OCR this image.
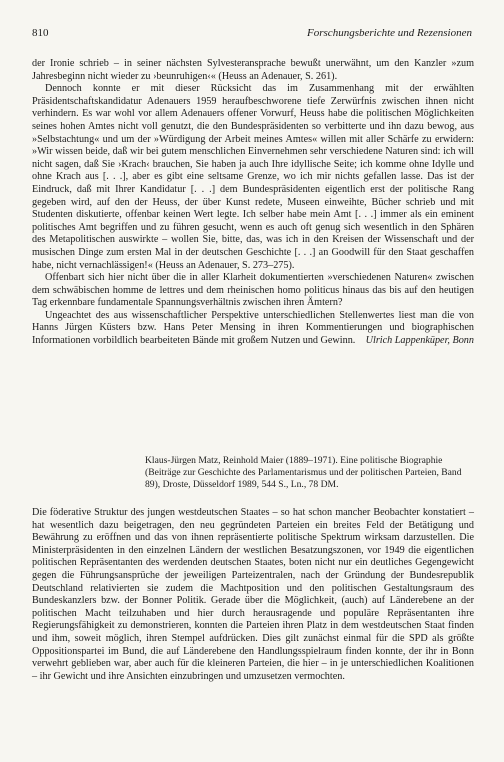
810	Forschungsberichte und Rezensionen

der Ironie schrieb – in seiner nächsten Sylvesteransprache bewußt unerwähnt, um den Kanzler »zum Jahresbeginn nicht wieder zu ›beunruhigen‹« (Heuss an Adenauer, S. 261).

Dennoch konnte er mit dieser Rücksicht das im Zusammenhang mit der erwählten Präsidentschaftskandidatur Adenauers 1959 heraufbeschworene tiefe Zerwürfnis zwischen ihnen nicht verhindern. Es war wohl vor allem Adenauers offener Vorwurf, Heuss habe die politischen Möglichkeiten seines hohen Amtes nicht voll genutzt, die den Bundespräsidenten so verbitterte und ihn dazu bewog, aus »Selbstachtung« und um der »Würdigung der Arbeit meines Amtes« willen mit aller Schärfe zu erwidern: »Wir wissen beide, daß wir bei gutem menschlichen Einvernehmen sehr verschiedene Naturen sind: ich will nicht sagen, daß Sie ›Krach‹ brauchen, Sie haben ja auch Ihre idyllische Seite; ich komme ohne Idylle und ohne Krach aus [. . .], aber es gibt eine seltsame Grenze, wo ich mir nichts gefallen lasse. Das ist der Eindruck, daß mit Ihrer Kandidatur [. . .] dem Bundespräsidenten eigentlich erst der politische Rang gegeben wird, auf den der Heuss, der über Kunst redete, Museen einweihte, Bücher schrieb und mit Studenten diskutierte, offenbar keinen Wert legte. Ich selber habe mein Amt [. . .] immer als ein eminent politisches Amt begriffen und zu führen gesucht, wenn es auch oft genug sich wesentlich in den Sphären des Metapolitischen auswirkte – wollen Sie, bitte, das, was ich in den Kreisen der Wissenschaft und der musischen Dinge zum ersten Mal in der deutschen Geschichte [. . .] an Goodwill für den Staat geschaffen habe, nicht vernachlässigen!« (Heuss an Adenauer, S. 273–275).

Offenbart sich hier nicht über die in aller Klarheit dokumentierten »verschiedenen Naturen« zwischen dem schwäbischen homme de lettres und dem rheinischen homo politicus hinaus das bis auf den heutigen Tag erkennbare fundamentale Spannungsverhältnis zwischen ihren Ämtern?

Ungeachtet des aus wissenschaftlicher Perspektive unterschiedlichen Stellenwertes liest man die von Hanns Jürgen Küsters bzw. Hans Peter Mensing in ihren Kommentierungen und biographischen Informationen vorbildlich bearbeiteten Bände mit großem Nutzen und Gewinn.	Ulrich Lappenküper, Bonn

Klaus-Jürgen Matz, Reinhold Maier (1889–1971). Eine politische Biographie (Beiträge zur Geschichte des Parlamentarismus und der politischen Parteien, Band 89), Droste, Düsseldorf 1989, 544 S., Ln., 78 DM.

Die föderative Struktur des jungen westdeutschen Staates – so hat schon mancher Beobachter konstatiert – hat wesentlich dazu beigetragen, den neu gegründeten Parteien ein breites Feld der Betätigung und Bewährung zu eröffnen und das von ihnen repräsentierte politische Spektrum wirksam darzustellen. Die Ministerpräsidenten in den einzelnen Ländern der westlichen Besatzungszonen, vor 1949 die eigentlichen politischen Repräsentanten des werdenden deutschen Staates, boten nicht nur ein deutliches Gegengewicht gegen die Führungsansprüche der jeweiligen Parteizentralen, nach der Gründung der Bundesrepublik Deutschland relativierten sie zudem die Machtposition und den politischen Gestaltungsraum des Bundeskanzlers bzw. der Bonner Politik. Gerade über die Möglichkeit, (auch) auf Länderebene an der politischen Macht teilzuhaben und hier durch herausragende und populäre Repräsentanten ihre Regierungsfähigkeit zu demonstrieren, konnten die Parteien ihren Platz in dem westdeutschen Staat finden und ihm, soweit möglich, ihren Stempel aufdrücken. Dies gilt zunächst einmal für die SPD als größte Oppositionspartei im Bund, die auf Länderebene den Handlungsspielraum finden konnte, der ihr in Bonn verwehrt geblieben war, aber auch für die kleineren Parteien, die hier – in je unterschiedlichen Koalitionen – ihr Gewicht und ihre Ansichten einzubringen und umzusetzen vermochten.
